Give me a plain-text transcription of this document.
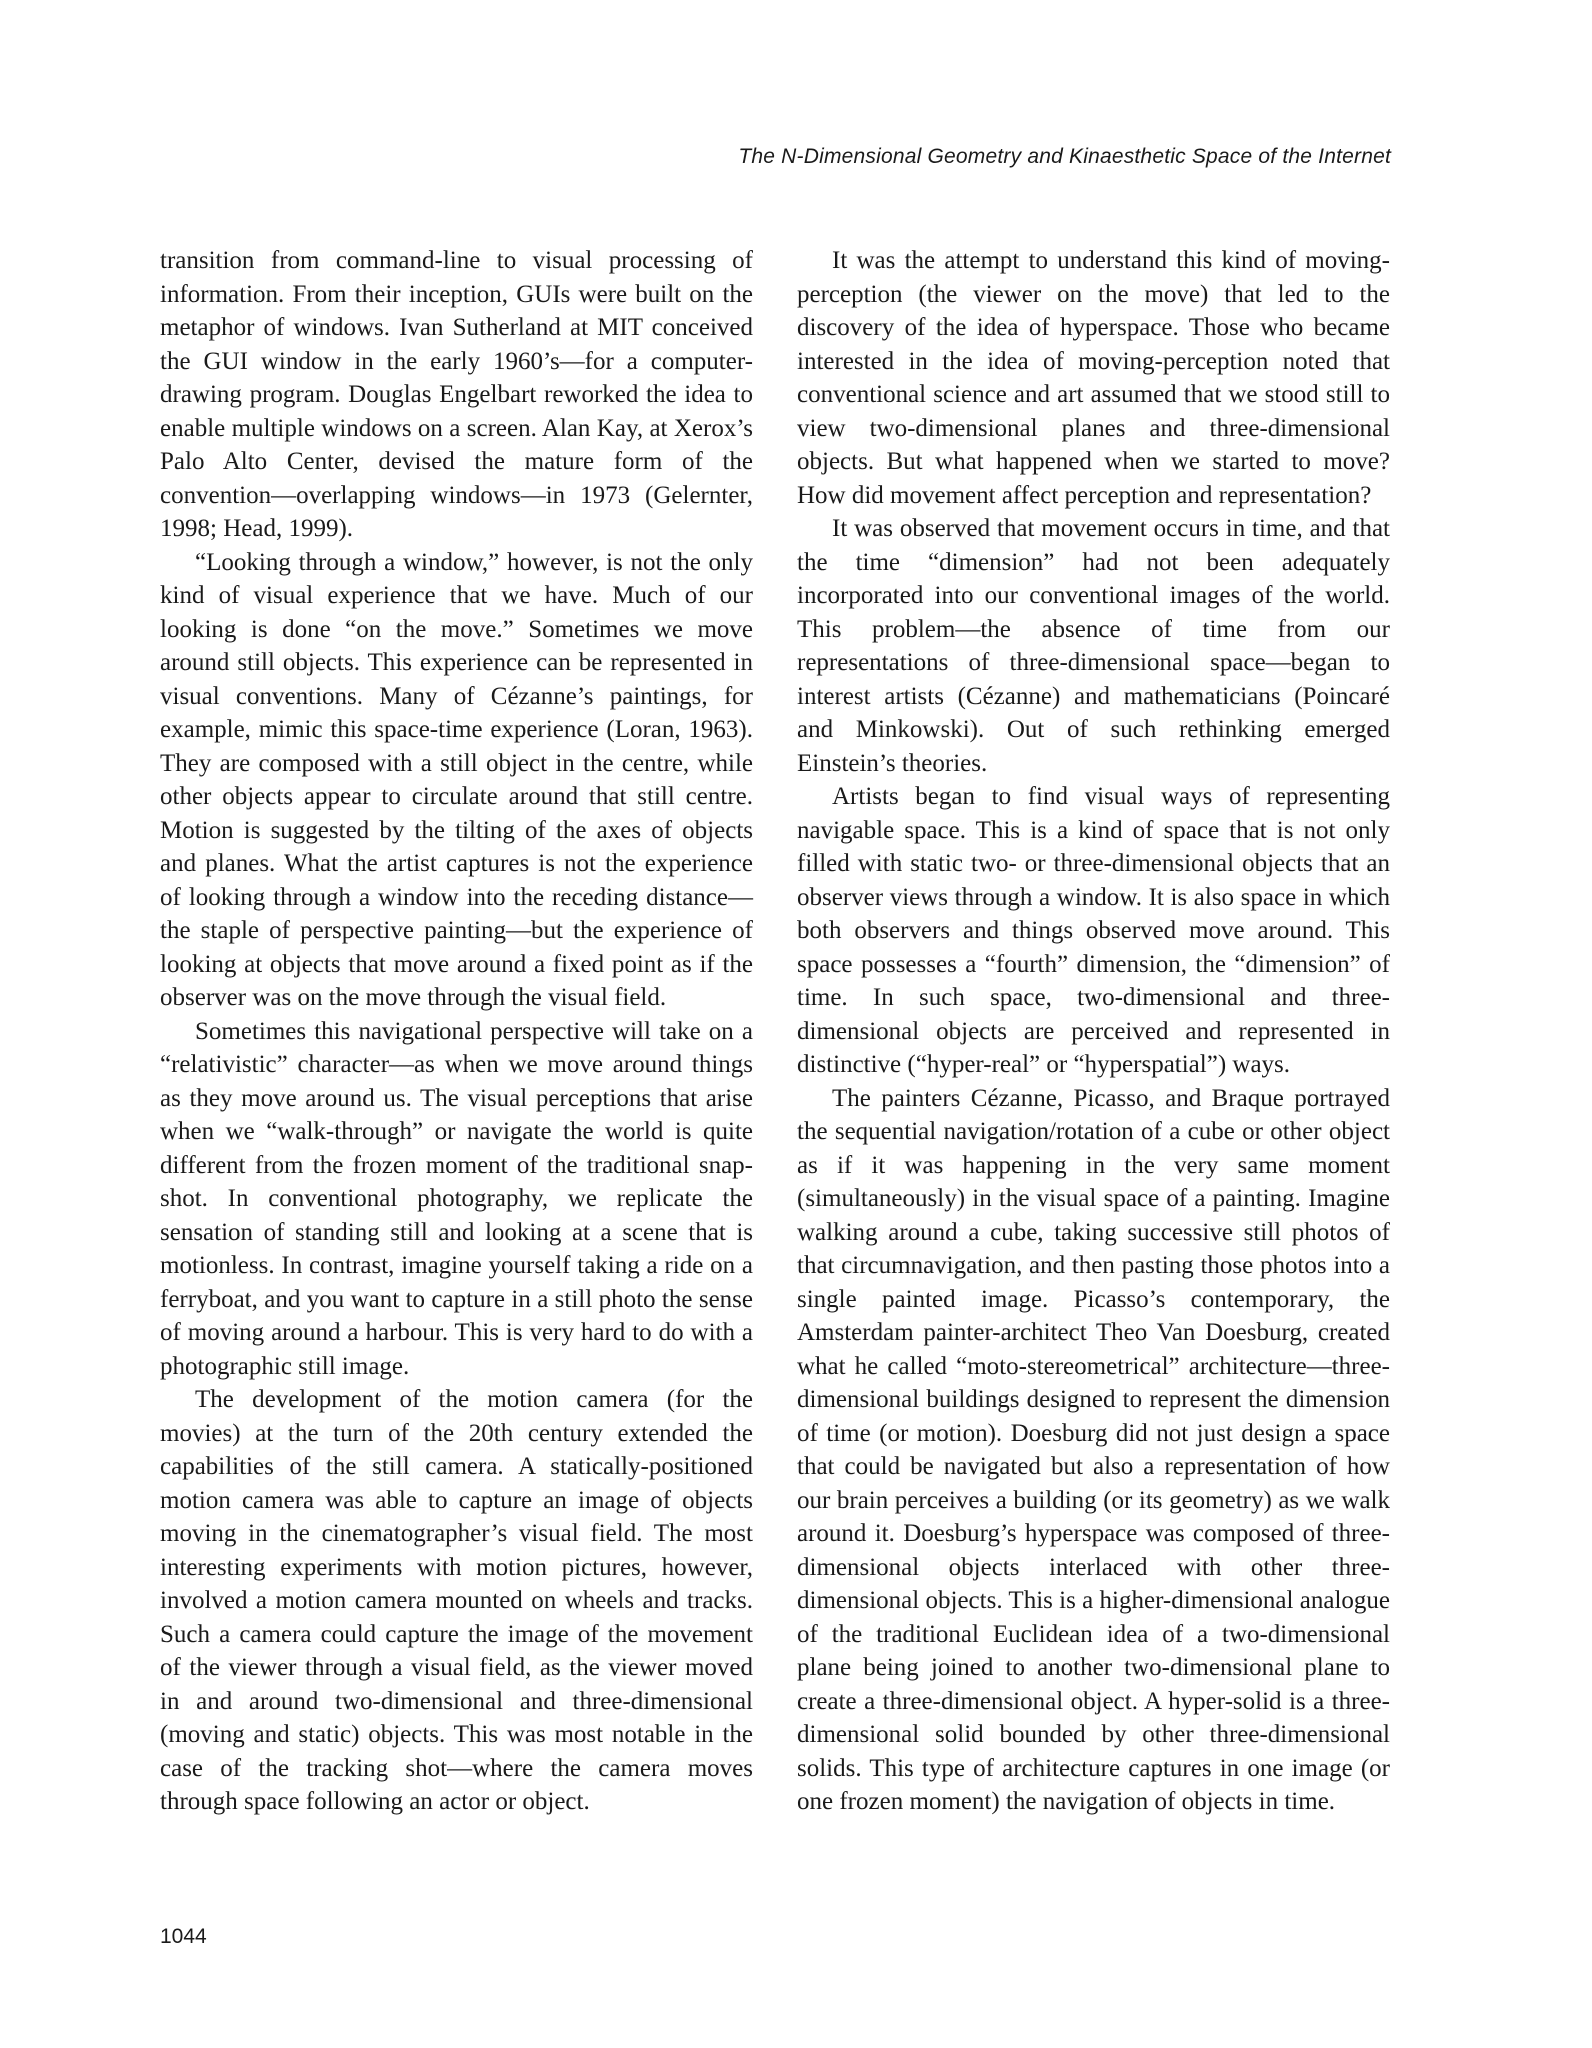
The N-Dimensional Geometry and Kinaesthetic Space of the Internet

transition from command-line to visual processing of information. From their inception, GUIs were built on the metaphor of windows. Ivan Sutherland at MIT conceived the GUI window in the early 1960’s—for a computer-drawing program. Douglas Engelbart reworked the idea to enable multiple windows on a screen. Alan Kay, at Xerox’s Palo Alto Center, devised the mature form of the convention—overlapping windows—in 1973 (Gelernter, 1998; Head, 1999).

“Looking through a window,” however, is not the only kind of visual experience that we have. Much of our looking is done “on the move.” Sometimes we move around still objects. This experience can be represented in visual conventions. Many of Cézanne’s paintings, for example, mimic this space-time experience (Loran, 1963). They are composed with a still object in the centre, while other objects appear to circulate around that still centre. Motion is suggested by the tilting of the axes of objects and planes. What the artist captures is not the experience of looking through a window into the receding distance—the staple of perspective painting—but the experience of looking at objects that move around a fixed point as if the observer was on the move through the visual field.

Sometimes this navigational perspective will take on a “relativistic” character—as when we move around things as they move around us. The visual perceptions that arise when we “walk-through” or navigate the world is quite different from the frozen moment of the traditional snap-shot. In conventional photography, we replicate the sensation of standing still and looking at a scene that is motionless. In contrast, imagine yourself taking a ride on a ferryboat, and you want to capture in a still photo the sense of moving around a harbour. This is very hard to do with a photographic still image.

The development of the motion camera (for the movies) at the turn of the 20th century extended the capabilities of the still camera. A statically-positioned motion camera was able to capture an image of objects moving in the cinematographer’s visual field. The most interesting experiments with motion pictures, however, involved a motion camera mounted on wheels and tracks. Such a camera could capture the image of the movement of the viewer through a visual field, as the viewer moved in and around two-dimensional and three-dimensional (moving and static) objects. This was most notable in the case of the tracking shot—where the camera moves through space following an actor or object.

It was the attempt to understand this kind of moving-perception (the viewer on the move) that led to the discovery of the idea of hyperspace. Those who became interested in the idea of moving-perception noted that conventional science and art assumed that we stood still to view two-dimensional planes and three-dimensional objects. But what happened when we started to move? How did movement affect perception and representation?

It was observed that movement occurs in time, and that the time “dimension” had not been adequately incorporated into our conventional images of the world. This problem—the absence of time from our representations of three-dimensional space—began to interest artists (Cézanne) and mathematicians (Poincaré and Minkowski). Out of such rethinking emerged Einstein’s theories.

Artists began to find visual ways of representing navigable space. This is a kind of space that is not only filled with static two- or three-dimensional objects that an observer views through a window. It is also space in which both observers and things observed move around. This space possesses a “fourth” dimension, the “dimension” of time. In such space, two-dimensional and three-dimensional objects are perceived and represented in distinctive (“hyper-real” or “hyperspatial”) ways.

The painters Cézanne, Picasso, and Braque portrayed the sequential navigation/rotation of a cube or other object as if it was happening in the very same moment (simultaneously) in the visual space of a painting. Imagine walking around a cube, taking successive still photos of that circumnavigation, and then pasting those photos into a single painted image. Picasso’s contemporary, the Amsterdam painter-architect Theo Van Doesburg, created what he called “moto-stereometrical” architecture—three-dimensional buildings designed to represent the dimension of time (or motion). Doesburg did not just design a space that could be navigated but also a representation of how our brain perceives a building (or its geometry) as we walk around it. Doesburg’s hyperspace was composed of three-dimensional objects interlaced with other three-dimensional objects. This is a higher-dimensional analogue of the traditional Euclidean idea of a two-dimensional plane being joined to another two-dimensional plane to create a three-dimensional object. A hyper-solid is a three-dimensional solid bounded by other three-dimensional solids. This type of architecture captures in one image (or one frozen moment) the navigation of objects in time.

1044
